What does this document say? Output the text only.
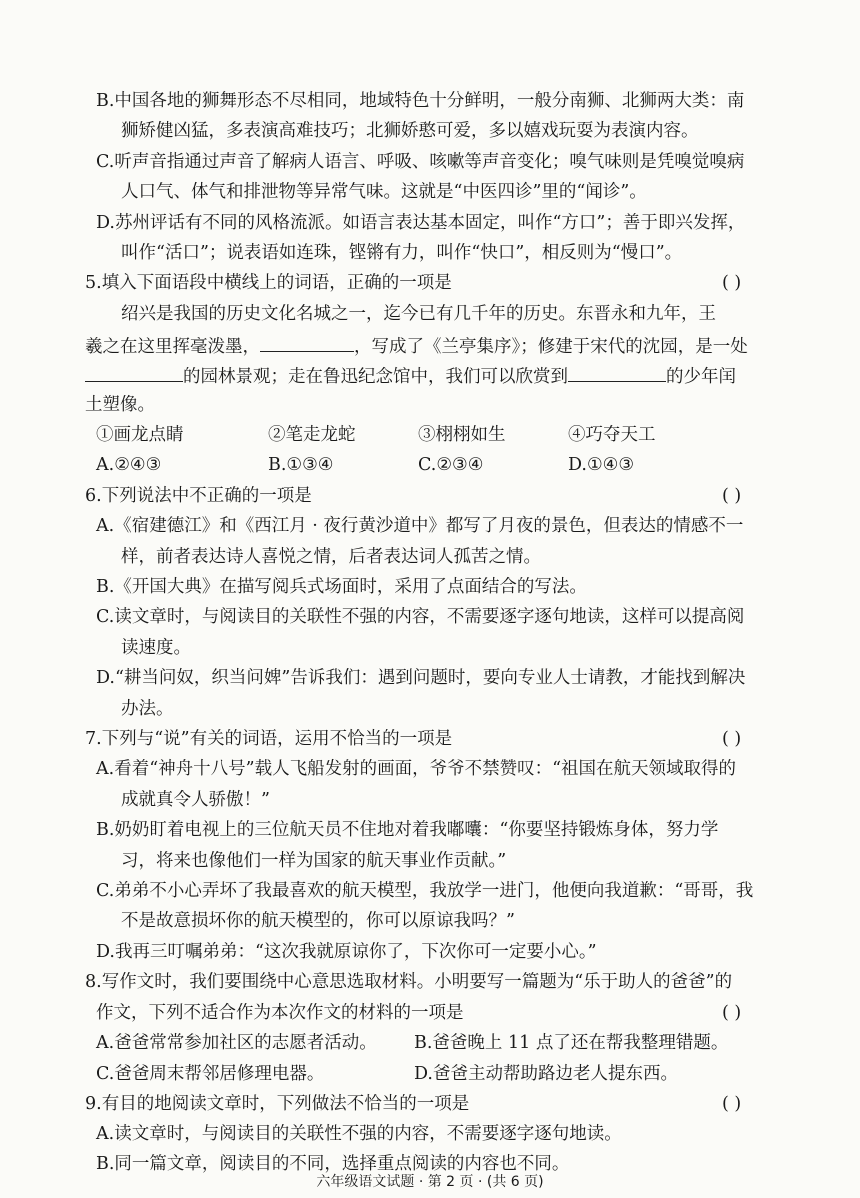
B.中国各地的狮舞形态不尽相同，地域特色十分鲜明，一般分南狮、北狮两大类：南
狮矫健凶猛，多表演高难技巧；北狮娇憨可爱，多以嬉戏玩耍为表演内容。
C.听声音指通过声音了解病人语言、呼吸、咳嗽等声音变化；嗅气味则是凭嗅觉嗅病
人口气、体气和排泄物等异常气味。这就是“中医四诊”里的“闻诊”。
D.苏州评话有不同的风格流派。如语言表达基本固定，叫作“方口”；善于即兴发挥，
叫作“活口”；说表语如连珠，铿锵有力，叫作“快口”，相反则为“慢口”。
5.填入下面语段中横线上的词语，正确的一项是	( )
绍兴是我国的历史文化名城之一，迄今已有几千年的历史。东晋永和九年，王
羲之在这里挥毫泼墨，	，写成了《兰亭集序》；修建于宋代的沈园，是一处
的园林景观；走在鲁迅纪念馆中，我们可以欣赏到	的少年闰
土塑像。
①画龙点睛	②笔走龙蛇	③栩栩如生	④巧夺天工
A.②④③	B.①③④	C.②③④	D.①④③
6.下列说法中不正确的一项是	( )
A.《宿建德江》和《西江月 · 夜行黄沙道中》都写了月夜的景色，但表达的情感不一
样，前者表达诗人喜悦之情，后者表达词人孤苦之情。
B.《开国大典》在描写阅兵式场面时，采用了点面结合的写法。
C.读文章时，与阅读目的关联性不强的内容，不需要逐字逐句地读，这样可以提高阅
读速度。
D.“耕当问奴，织当问婢”告诉我们：遇到问题时，要向专业人士请教，才能找到解决
办法。
7.下列与“说”有关的词语，运用不恰当的一项是	( )
A.看着“神舟十八号”载人飞船发射的画面，爷爷不禁赞叹：“祖国在航天领域取得的
成就真令人骄傲！”
B.奶奶盯着电视上的三位航天员不住地对着我嘟囔：“你要坚持锻炼身体，努力学
习，将来也像他们一样为国家的航天事业作贡献。”
C.弟弟不小心弄坏了我最喜欢的航天模型，我放学一进门，他便向我道歉：“哥哥，我
不是故意损坏你的航天模型的，你可以原谅我吗？”
D.我再三叮嘱弟弟：“这次我就原谅你了，下次你可一定要小心。”
8.写作文时，我们要围绕中心意思选取材料。小明要写一篇题为“乐于助人的爸爸”的
作文，下列不适合作为本次作文的材料的一项是	( )
A.爸爸常常参加社区的志愿者活动。 B.爸爸晚上 11 点了还在帮我整理错题。
C.爸爸周末帮邻居修理电器。	D.爸爸主动帮助路边老人提东西。
9.有目的地阅读文章时，下列做法不恰当的一项是	( )
A.读文章时，与阅读目的关联性不强的内容，不需要逐字逐句地读。
B.同一篇文章，阅读目的不同，选择重点阅读的内容也不同。
六年级语文试题 · 第 2 页 · (共 6 页)
